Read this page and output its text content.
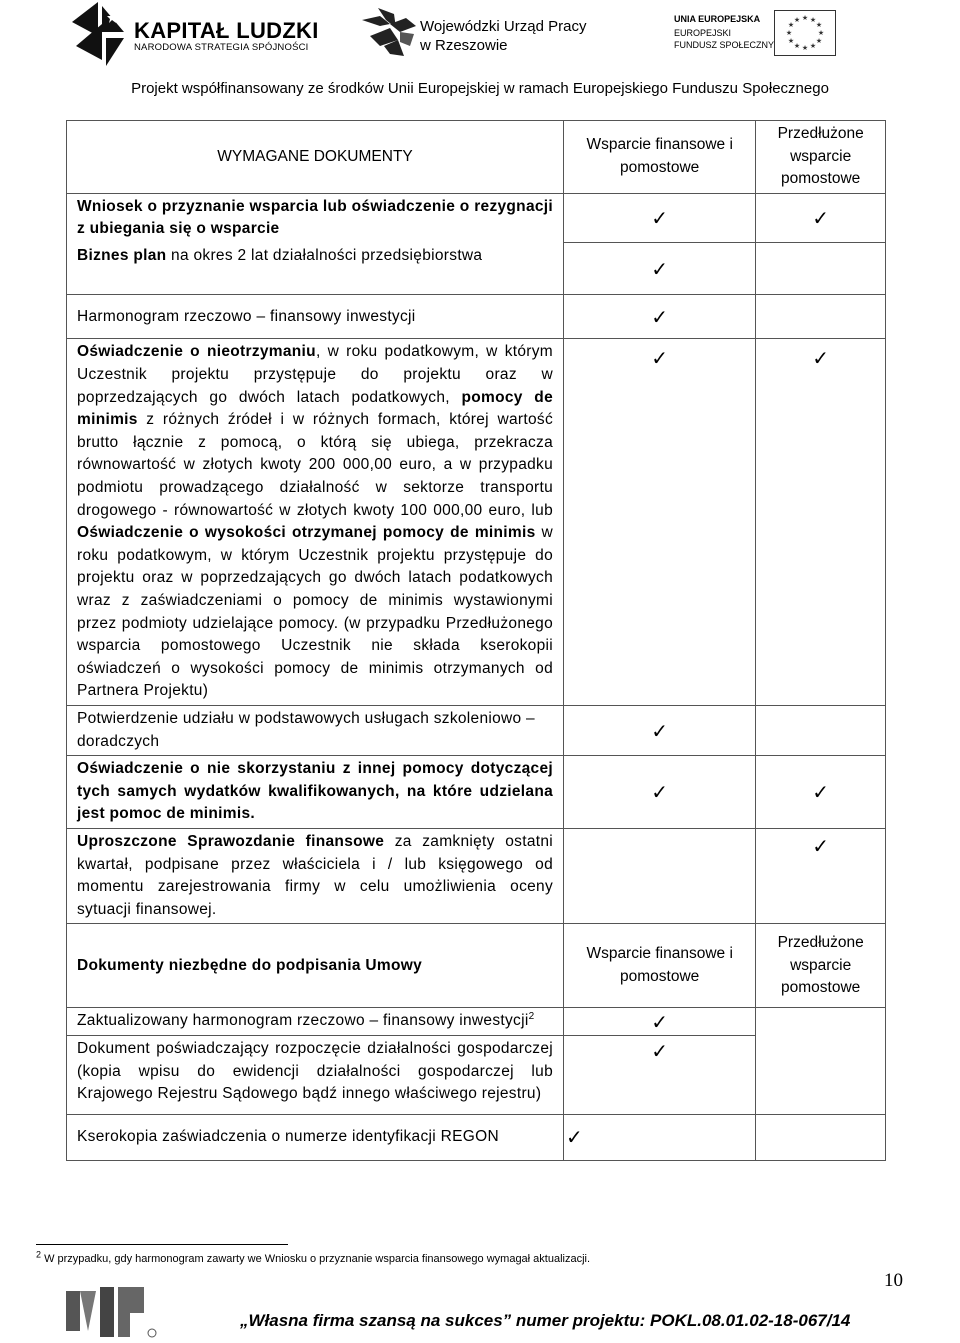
KAPITAŁ LUDZKI
NARODOWA STRATEGIA SPÓJNOŚCI
Wojewódzki Urząd Pracy
w Rzeszowie
UNIA EUROPEJSKA
EUROPEJSKI
FUNDUSZ SPOŁECZNY
★ ★
★
★
★
★
★
★
★
★
★
★
Projekt współfinansowany ze środków Unii Europejskiej w ramach Europejskiego Funduszu Społecznego
WYMAGANE DOKUMENTY	Wsparcie finansowe i pomostowe	Przedłużone wsparcie pomostowe
Wniosek o przyznanie wsparcia lub oświadczenie o rezygnacji z ubiegania się o wsparcie	✓	✓
Biznes plan na okres 2 lat działalności przedsiębiorstwa	✓	
Harmonogram rzeczowo – finansowy inwestycji	✓	
Oświadczenie o nieotrzymaniu, w roku podatkowym, w którym Uczestnik projektu przystępuje do projektu oraz w poprzedzających go dwóch latach podatkowych, pomocy de minimis z różnych źródeł i w różnych formach, której wartość brutto łącznie z pomocą, o którą się ubiega, przekracza równowartość w złotych kwoty 200 000,00 euro, a w przypadku podmiotu prowadzącego działalność w sektorze transportu drogowego - równowartość w złotych kwoty 100 000,00 euro, lub Oświadczenie o wysokości otrzymanej pomocy de minimis w roku podatkowym, w którym Uczestnik projektu przystępuje do projektu oraz w poprzedzających go dwóch latach podatkowych wraz z zaświadczeniami o pomocy de minimis wystawionymi przez podmioty udzielające pomocy. (w przypadku Przedłużonego wsparcia pomostowego Uczestnik nie składa kserokopii oświadczeń o wysokości pomocy de minimis otrzymanych od Partnera Projektu)	✓	✓
Potwierdzenie udziału w podstawowych usługach szkoleniowo – doradczych	✓	
Oświadczenie o nie skorzystaniu z innej pomocy dotyczącej tych samych wydatków kwalifikowanych, na które udzielana jest pomoc de minimis.	✓	✓
Uproszczone Sprawozdanie finansowe za zamknięty ostatni kwartał, podpisane przez właściciela i / lub księgowego od momentu zarejestrowania firmy w celu umożliwienia oceny sytuacji finansowej.		✓
Dokumenty niezbędne do podpisania Umowy	Wsparcie finansowe i pomostowe	Przedłużone wsparcie pomostowe
Zaktualizowany harmonogram rzeczowo – finansowy inwestycji$^2$	✓	
Dokument poświadczający rozpoczęcie działalności gospodarczej (kopia wpisu do ewidencji działalności gospodarczej lub Krajowego Rejestru Sądowego bądź innego właściwego rejestru)	✓	
Kserokopia zaświadczenia o numerze identyfikacji REGON	✓	
$^2$ W przypadku, gdy harmonogram zawarty we Wniosku o przyznanie wsparcia finansowego wymagał aktualizacji.
10
„Własna firma szansą na sukces” numer projektu: POKL.08.01.02-18-067/14
